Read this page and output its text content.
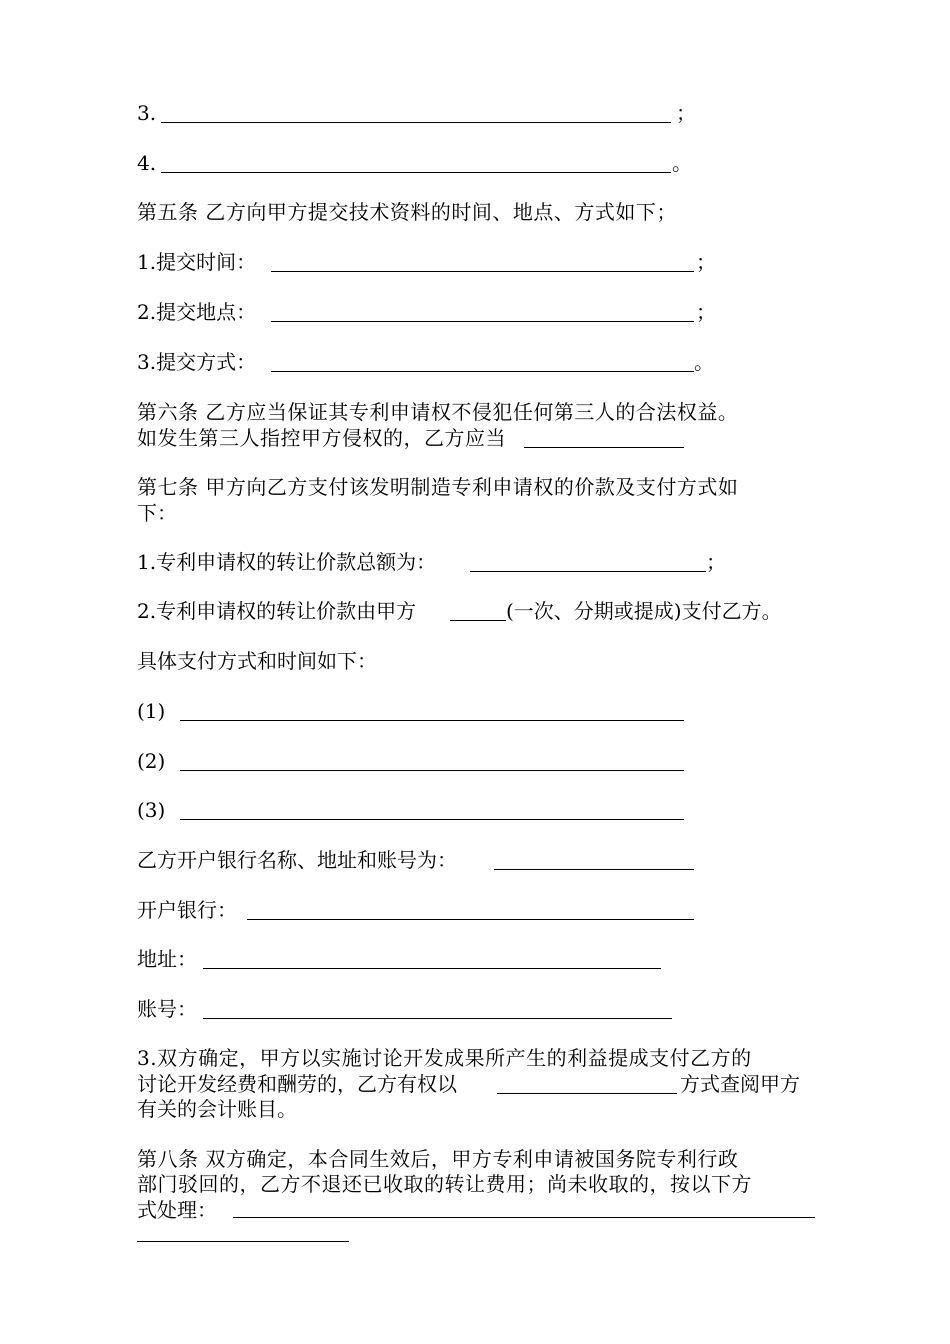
3.	；
4.	。
第五条 乙方向甲方提交技术资料的时间、地点、方式如下；
1.提交时间：	；
2.提交地点：	；
3.提交方式：	。
第六条 乙方应当保证其专利申请权不侵犯任何第三人的合法权益。
如发生第三人指控甲方侵权的，乙方应当
第七条 甲方向乙方支付该发明制造专利申请权的价款及支付方式如
下：
1.专利申请权的转让价款总额为：	；
2.专利申请权的转让价款由甲方	(一次、分期或提成)支付乙方。
具体支付方式和时间如下：
(1)
(2)
(3)
乙方开户银行名称、地址和账号为：
开户银行：
地址：
账号：
3.双方确定，甲方以实施讨论开发成果所产生的利益提成支付乙方的
讨论开发经费和酬劳的，乙方有权以	方式查阅甲方
有关的会计账目。
第八条 双方确定，本合同生效后，甲方专利申请被国务院专利行政
部门驳回的，乙方不退还已收取的转让费用；尚未收取的，按以下方
式处理：
